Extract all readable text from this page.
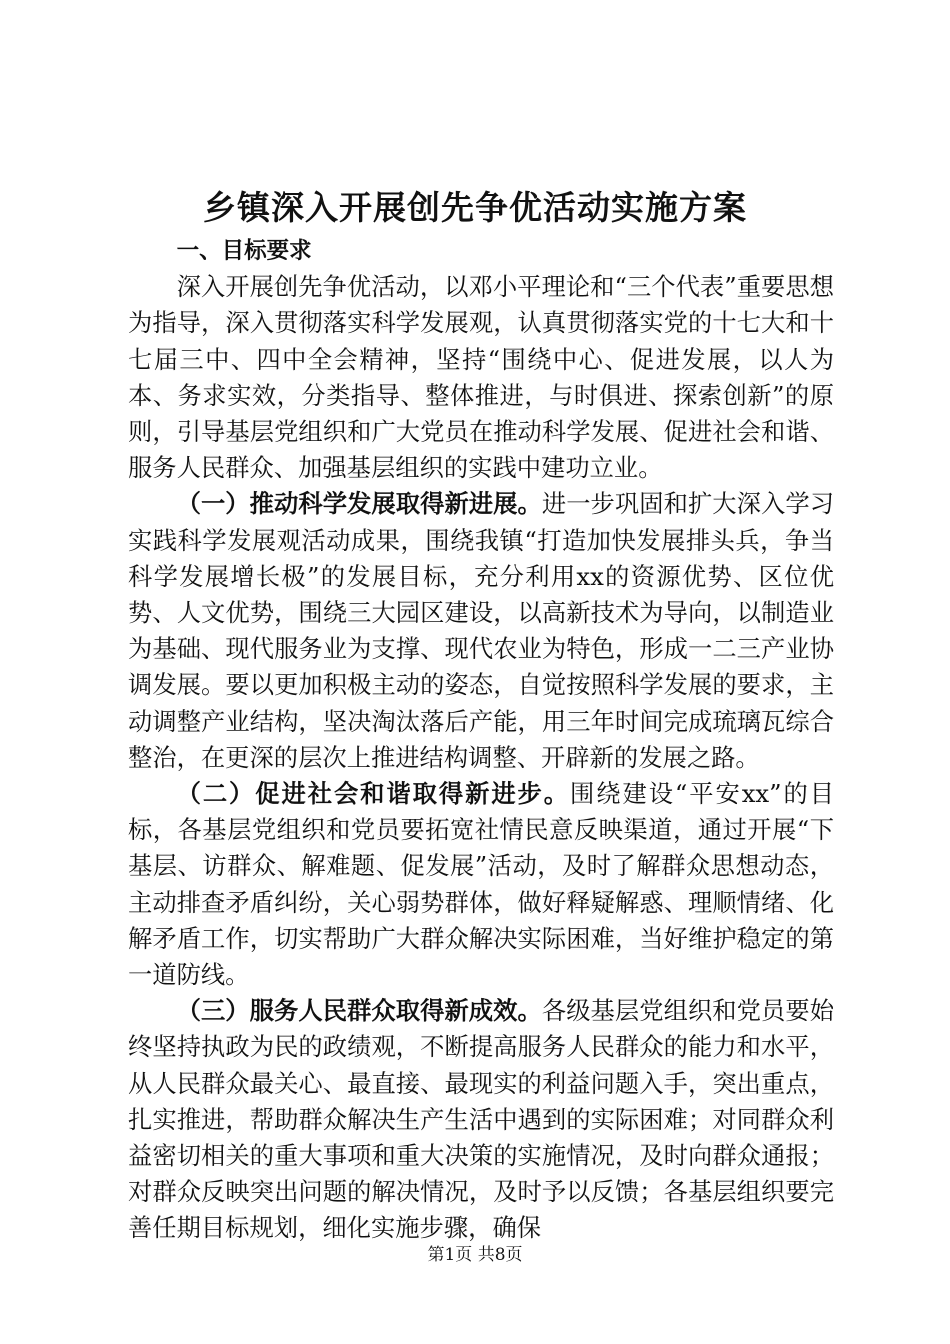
乡镇深入开展创先争优活动实施方案

一、目标要求

深入开展创先争优活动，以邓小平理论和“三个代表”重要思想为指导，深入贯彻落实科学发展观，认真贯彻落实党的十七大和十七届三中、四中全会精神，坚持“围绕中心、促进发展，以人为本、务求实效，分类指导、整体推进，与时俱进、探索创新”的原则，引导基层党组织和广大党员在推动科学发展、促进社会和谐、服务人民群众、加强基层组织的实践中建功立业。

（一）推动科学发展取得新进展。进一步巩固和扩大深入学习实践科学发展观活动成果，围绕我镇“打造加快发展排头兵，争当科学发展增长极”的发展目标，充分利用xx的资源优势、区位优势、人文优势，围绕三大园区建设，以高新技术为导向，以制造业为基础、现代服务业为支撑、现代农业为特色，形成一二三产业协调发展。要以更加积极主动的姿态，自觉按照科学发展的要求，主动调整产业结构，坚决淘汰落后产能，用三年时间完成琉璃瓦综合整治，在更深的层次上推进结构调整、开辟新的发展之路。

（二）促进社会和谐取得新进步。围绕建设“平安xx”的目标，各基层党组织和党员要拓宽社情民意反映渠道，通过开展“下基层、访群众、解难题、促发展”活动，及时了解群众思想动态，主动排查矛盾纠纷，关心弱势群体，做好释疑解惑、理顺情绪、化解矛盾工作，切实帮助广大群众解决实际困难，当好维护稳定的第一道防线。

（三）服务人民群众取得新成效。各级基层党组织和党员要始终坚持执政为民的政绩观，不断提高服务人民群众的能力和水平，从人民群众最关心、最直接、最现实的利益问题入手，突出重点，扎实推进，帮助群众解决生产生活中遇到的实际困难；对同群众利益密切相关的重大事项和重大决策的实施情况，及时向群众通报；对群众反映突出问题的解决情况，及时予以反馈；各基层组织要完善任期目标规划，细化实施步骤，确保

第1页 共8页
